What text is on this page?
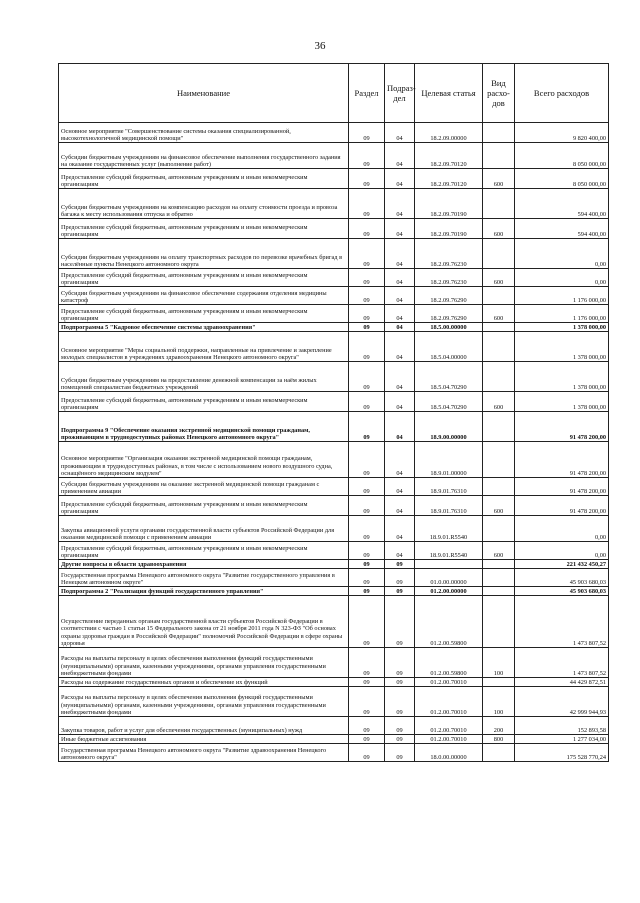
36
Наименование	Раздел	Подраз-дел	Целевая статья	Вид расхо-дов	Всего расходов
Основное мероприятие "Совершенствование системы оказания специализированной, высокотехнологичной медицинской помощи"	09	04	18.2.09.00000		9 820 400,00
Субсидии бюджетным учреждениям на финансовое обеспечение выполнения государственного задания на оказание государственных услуг (выполнение работ)	09	04	18.2.09.70120		8 050 000,00
Предоставление субсидий бюджетным, автономным учреждениям и иным некоммерческим организациям	09	04	18.2.09.70120	600	8 050 000,00
Субсидии бюджетным учреждениям на компенсацию расходов на оплату стоимости проезда и провоза багажа к месту использования отпуска и обратно	09	04	18.2.09.70190		594 400,00
Предоставление субсидий бюджетным, автономным учреждениям и иным некоммерческим организациям	09	04	18.2.09.70190	600	594 400,00
Субсидии бюджетным учреждениям на оплату транспортных расходов по перевозке врачебных бригад в населённые пункты Ненецкого автономного округа	09	04	18.2.09.76230		0,00
Предоставление субсидий бюджетным, автономным учреждениям и иным некоммерческим организациям	09	04	18.2.09.76230	600	0,00
Субсидии бюджетным учреждениям на финансовое обеспечение содержания отделения медицины катастроф	09	04	18.2.09.76290		1 176 000,00
Предоставление субсидий бюджетным, автономным учреждениям и иным некоммерческим организациям	09	04	18.2.09.76290	600	1 176 000,00
Подпрограмма 5 "Кадровое обеспечение системы здравоохранения"	09	04	18.5.00.00000		1 378 000,00
Основное мероприятие "Меры социальной поддержки, направленные на привлечение и закрепление молодых специалистов в учреждениях здравоохранения Ненецкого автономного округа"	09	04	18.5.04.00000		1 378 000,00
Субсидии бюджетным учреждениям на предоставление денежной компенсации за наём жилых помещений специалистам бюджетных учреждений	09	04	18.5.04.70290		1 378 000,00
Предоставление субсидий бюджетным, автономным учреждениям и иным некоммерческим организациям	09	04	18.5.04.70290	600	1 378 000,00
Подпрограмма 9 "Обеспечение оказания экстренной медицинской помощи гражданам, проживающим в труднодоступных районах Ненецкого автономного округа"	09	04	18.9.00.00000		91 478 200,00
Основное мероприятие "Организация оказания экстренной медицинской помощи гражданам, проживающим в труднодоступных районах, в том числе с использованием нового воздушного судна, оснащённого медицинским модулем"	09	04	18.9.01.00000		91 478 200,00
Субсидии бюджетным учреждениям на оказание экстренной медицинской помощи гражданам с применением авиации	09	04	18.9.01.76310		91 478 200,00
Предоставление субсидий бюджетным, автономным учреждениям и иным некоммерческим организациям	09	04	18.9.01.76310	600	91 478 200,00
Закупка авиационной услуги органами государственной власти субъектов Российской Федерации для оказания медицинской помощи с применением авиации	09	04	18.9.01.R5540		0,00
Предоставление субсидий бюджетным, автономным учреждениям и иным некоммерческим организациям	09	04	18.9.01.R5540	600	0,00
Другие вопросы в области здравоохранения	09	09			221 432 450,27
Государственная программа Ненецкого автономного округа "Развитие государственного управления в Ненецком автономном округе"	09	09	01.0.00.00000		45 903 680,03
Подпрограмма 2 "Реализация функций государственного управления"	09	09	01.2.00.00000		45 903 680,03
Осуществление переданных органам государственной власти субъектов Российской Федерации в соответствии с частью 1 статьи 15 Федерального закона от 21 ноября 2011 года N 323-ФЗ "Об основах охраны здоровья граждан в Российской Федерации" полномочий Российской Федерации в сфере охраны здоровья	09	09	01.2.00.59800		1 473 807,52
Расходы на выплаты персоналу в целях обеспечения выполнения функций государственными (муниципальными) органами, казенными учреждениями, органами управления государственными внебюджетными фондами	09	09	01.2.00.59800	100	1 473 807,52
Расходы на содержание государственных органов и обеспечение их функций	09	09	01.2.00.70010		44 429 872,51
Расходы на выплаты персоналу в целях обеспечения выполнения функций государственными (муниципальными) органами, казенными учреждениями, органами управления государственными внебюджетными фондами	09	09	01.2.00.70010	100	42 999 944,93
Закупка товаров, работ и услуг для обеспечения государственных (муниципальных) нужд	09	09	01.2.00.70010	200	152 893,58
Иные бюджетные ассигнования	09	09	01.2.00.70010	800	1 277 034,00
Государственная программа Ненецкого автономного округа "Развитие здравоохранения Ненецкого автономного округа"	09	09	18.0.00.00000		175 528 770,24
